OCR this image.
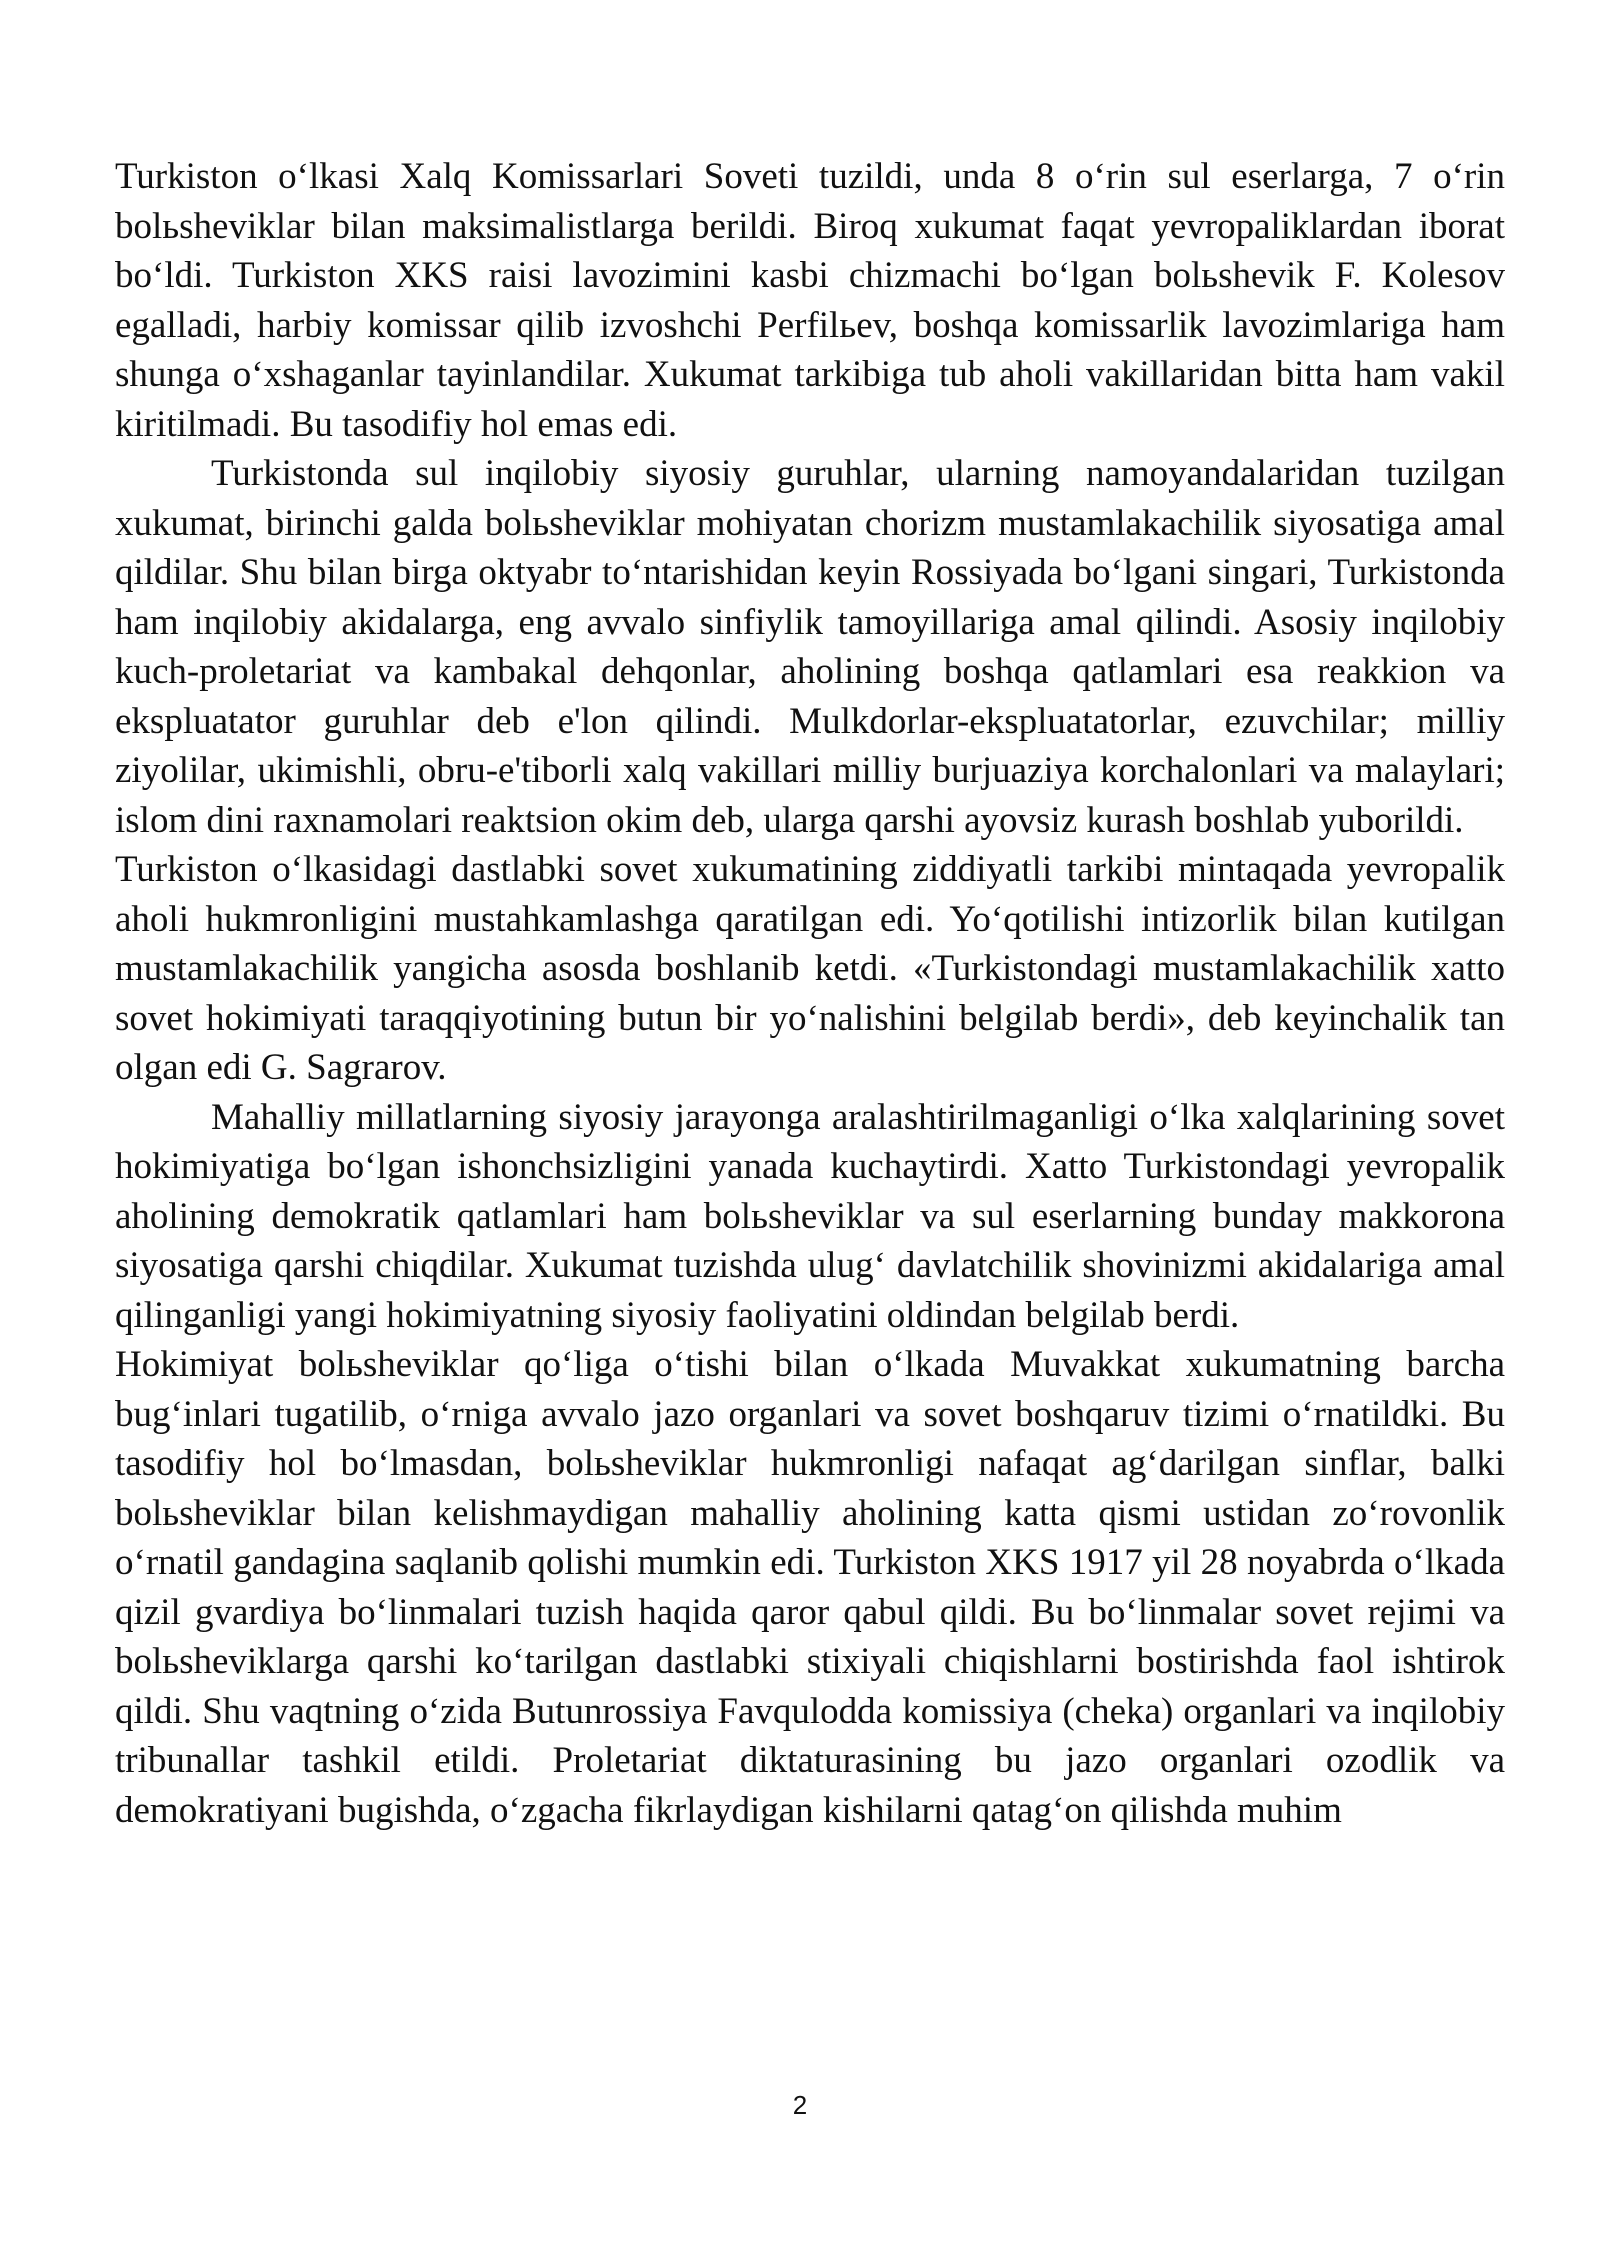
Turkiston o‘lkasi Xalq Komissarlari Soveti tuzildi, unda 8 o‘rin sul eserlarga, 7 o‘rin bolьsheviklar bilan maksimalistlarga berildi. Biroq xukumat faqat yevropaliklardan iborat bo‘ldi. Turkiston XKS raisi lavozimini kasbi chizmachi bo‘lgan bolьshevik F. Kolesov egalladi, harbiy komissar qilib izvoshchi Perfilьev, boshqa komissarlik lavozimlariga ham shunga o‘xshaganlar tayinlandilar. Xukumat tarkibiga tub aholi vakillaridan bitta ham vakil kiritilmadi. Bu tasodifiy hol emas edi.

Turkistonda sul inqilobiy siyosiy guruhlar, ularning namoyandalaridan tuzilgan xukumat, birinchi galda bolьsheviklar mohiyatan chorizm mustamlakachilik siyosatiga amal qildilar. Shu bilan birga oktyabr to‘ntarishidan keyin Rossiyada bo‘lgani singari, Turkistonda ham inqilobiy akidalarga, eng avvalo sinfiylik tamoyillariga amal qilindi. Asosiy inqilobiy kuch-proletariat va kambakal dehqonlar, aholining boshqa qatlamlari esa reakkion va ekspluatator guruhlar deb e'lon qilindi. Mulkdorlar-ekspluatatorlar, ezuvchilar; milliy ziyolilar, ukimishli, obru-e'tiborli xalq vakillari milliy burjuaziya korchalonlari va malaylari; islom dini raxnamolari reaktsion okim deb, ularga qarshi ayovsiz kurash boshlab yuborildi.

Turkiston o‘lkasidagi dastlabki sovet xukumatining ziddiyatli tarkibi mintaqada yevropalik aholi hukmronligini mustahkamlashga qaratilgan edi. Yo‘qotilishi intizorlik bilan kutilgan mustamlakachilik yangicha asosda boshlanib ketdi. «Turkistondagi mustamlakachilik xatto sovet hokimiyati taraqqiyotining butun bir yo‘nalishini belgilab berdi», deb keyinchalik tan olgan edi G. Sagrarov.

Mahalliy millatlarning siyosiy jarayonga aralashtirilmaganligi o‘lka xalqlarining sovet hokimiyatiga bo‘lgan ishonchsizligini yanada kuchaytirdi. Xatto Turkistondagi yevropalik aholining demokratik qatlamlari ham bolьsheviklar va sul eserlarning bunday makkorona siyosatiga qarshi chiqdilar. Xukumat tuzishda ulug‘ davlatchilik shovinizmi akidalariga amal qilinganligi yangi hokimiyatning siyosiy faoliyatini oldindan belgilab berdi.

Hokimiyat bolьsheviklar qo‘liga o‘tishi bilan o‘lkada Muvakkat xukumatning barcha bug‘inlari tugatilib, o‘rniga avvalo jazo organlari va sovet boshqaruv tizimi o‘rnatildki. Bu tasodifiy hol bo‘lmasdan, bolьsheviklar hukmronligi nafaqat ag‘darilgan sinflar, balki bolьsheviklar bilan kelishmaydigan mahalliy aholining katta qismi ustidan zo‘rovonlik o‘rnatil gandagina saqlanib qolishi mumkin edi. Turkiston XKS 1917 yil 28 noyabrda o‘lkada qizil gvardiya bo‘linmalari tuzish haqida qaror qabul qildi. Bu bo‘linmalar sovet rejimi va bolьsheviklarga qarshi ko‘tarilgan dastlabki stixiyali chiqishlarni bostirishda faol ishtirok qildi. Shu vaqtning o‘zida Butunrossiya Favqulodda komissiya (cheka) organlari va inqilobiy tribunallar tashkil etildi. Proletariat diktaturasining bu jazo organlari ozodlik va demokratiyani bugishda, o‘zgacha fikrlaydigan kishilarni qatag‘on qilishda muhim

2
